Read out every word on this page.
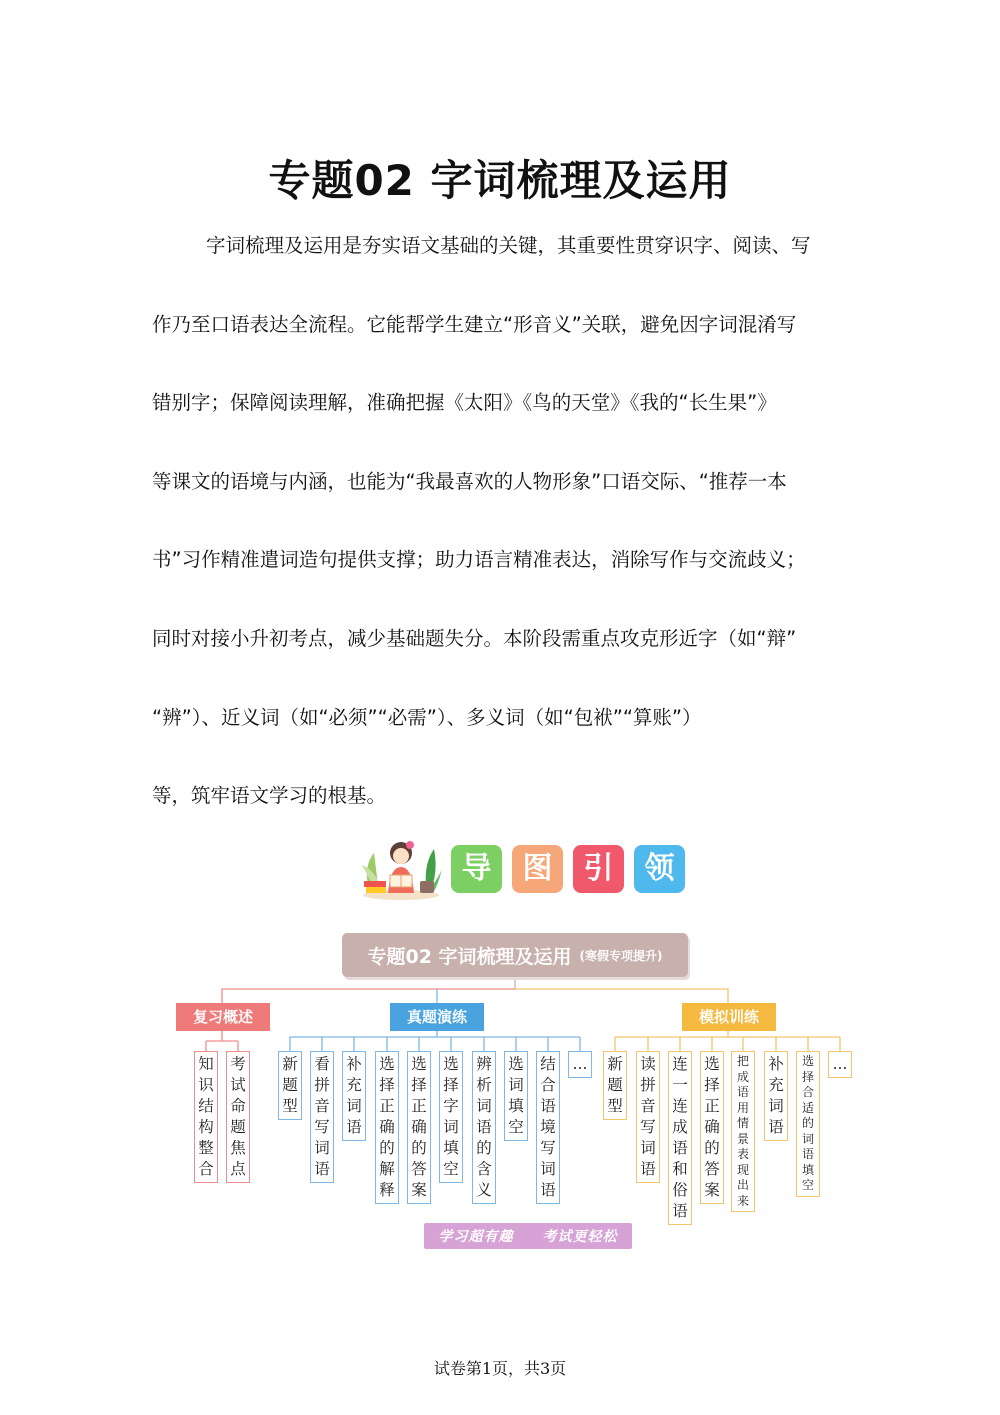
专题02 字词梳理及运用
字词梳理及运用是夯实语文基础的关键，其重要性贯穿识字、阅读、写
作乃至口语表达全流程。它能帮学生建立“形音义”关联，避免因字词混淆写
错别字；保障阅读理解，准确把握《太阳》《鸟的天堂》《我的“长生果”》
等课文的语境与内涵，也能为“我最喜欢的人物形象”口语交际、“推荐一本
书”习作精准遣词造句提供支撑；助力语言精准表达，消除写作与交流歧义；
同时对接小升初考点，减少基础题失分。本阶段需重点攻克形近字（如“辩”
“辨”）、近义词（如“必须”“必需”）、多义词（如“包袱”“算账”）
等，筑牢语文学习的根基。
导	图	引	领
专题02 字词梳理及运用 (寒假专项提升)
复习概述	真题演练	模拟训练
知识结构整合
考试命题焦点
新题型
看拼音写词语
补充词语
选择正确的解释
选择正确的答案
选择字词填空
辨析词语的含义
选词填空
结合语境写词语
... 新题型
读拼音写词语
连一连成语和俗语
选择正确的答案
把成语用情景表现出来
补充词语
选择合适的词语填空
...
学习超有趣 考试更轻松
试卷第1页，共3页
